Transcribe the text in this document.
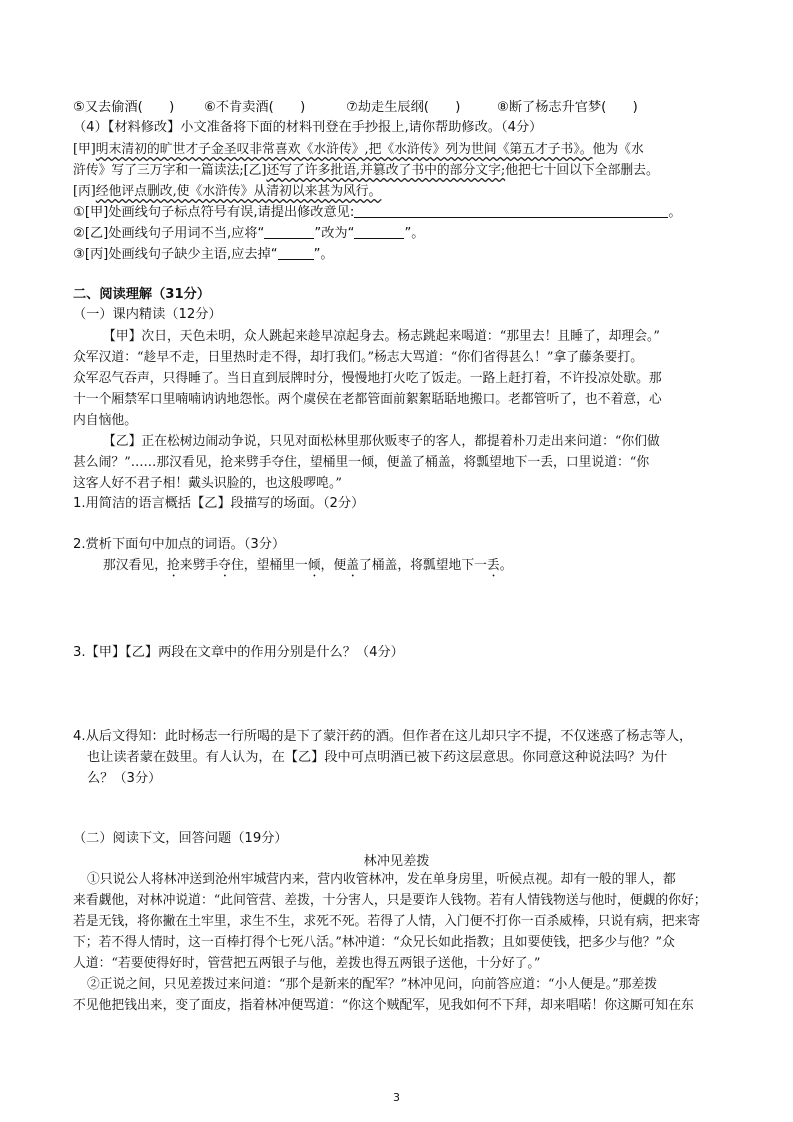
⑤又去偷酒(　　) ⑥不肯卖酒(　　)	⑦劫走生辰纲(　　)	⑧断了杨志升官梦(　　)
（4）【材料修改】小文准备将下面的材料刊登在手抄报上,请你帮助修改。（4分）
[甲]明末清初的旷世才子金圣叹非常喜欢《水浒传》,把《水浒传》列为世间《第五才子书》。他为《水
浒传》写了三万字和一篇读法;[乙]还写了许多批语,并篡改了书中的部分文字;他把七十回以下全部删去。
[丙]经他评点删改,使《水浒传》从清初以来甚为风行。
①[甲]处画线句子标点符号有误,请提出修改意见:	。
②[乙]处画线句子用词不当,应将“	”改为“	”。
③[丙]处画线句子缺少主语,应去掉“	”。
二、阅读理解（31分）
（一）课内精读（12分）
【甲】次日，天色未明，众人跳起来趁早凉起身去。杨志跳起来喝道：“那里去！且睡了，却理会。”
众军汉道：“趁早不走，日里热时走不得，却打我们。”杨志大骂道：“你们省得甚么！”拿了藤条要打。
众军忍气吞声，只得睡了。当日直到辰牌时分，慢慢地打火吃了饭走。一路上赶打着，不许投凉处歇。那
十一个厢禁军口里喃喃讷讷地怨怅。两个虞侯在老都管面前絮絮聒聒地搬口。老都管听了，也不着意，心
内自恼他。
【乙】正在松树边闹动争说，只见对面松林里那伙贩枣子的客人，都提着朴刀走出来问道：“你们做
甚么闹？”……那汉看见，抢来劈手夺住，望桶里一倾，便盖了桶盖，将瓢望地下一丢，口里说道：“你
这客人好不君子相！戴头识脸的，也这般啰唣。”
1.用简洁的语言概括【乙】段描写的场面。（2分）
2.赏析下面句中加点的词语。（3分）
那汉看见，抢来劈手夺住，望桶里一倾，便盖了桶盖，将瓢望地下一丢。
3.【甲】【乙】两段在文章中的作用分别是什么？（4分）
4.从后文得知：此时杨志一行所喝的是下了蒙汗药的酒。但作者在这儿却只字不提，不仅迷惑了杨志等人，
也让读者蒙在鼓里。有人认为，在【乙】段中可点明酒已被下药这层意思。你同意这种说法吗？为什
么？（3分）
（二）阅读下文，回答问题（19分）
林冲见差拨
①只说公人将林冲送到沧州牢城营内来，营内收管林冲，发在单身房里，听候点视。却有一般的罪人，都
来看觑他，对林冲说道：“此间管营、差拨，十分害人，只是要诈人钱物。若有人情钱物送与他时，便觑的你好；
若是无钱，将你撇在土牢里，求生不生，求死不死。若得了人情，入门便不打你一百杀威棒，只说有病，把来寄
下；若不得人情时，这一百棒打得个七死八活。”林冲道：“众兄长如此指教；且如要使钱，把多少与他？”众
人道：“若要使得好时，管营把五两银子与他，差拨也得五两银子送他，十分好了。”
②正说之间，只见差拨过来问道：“那个是新来的配军？”林冲见问，向前答应道：“小人便是。”那差拨
不见他把钱出来，变了面皮，指着林冲便骂道：“你这个贼配军，见我如何不下拜，却来唱喏！你这厮可知在东
3
